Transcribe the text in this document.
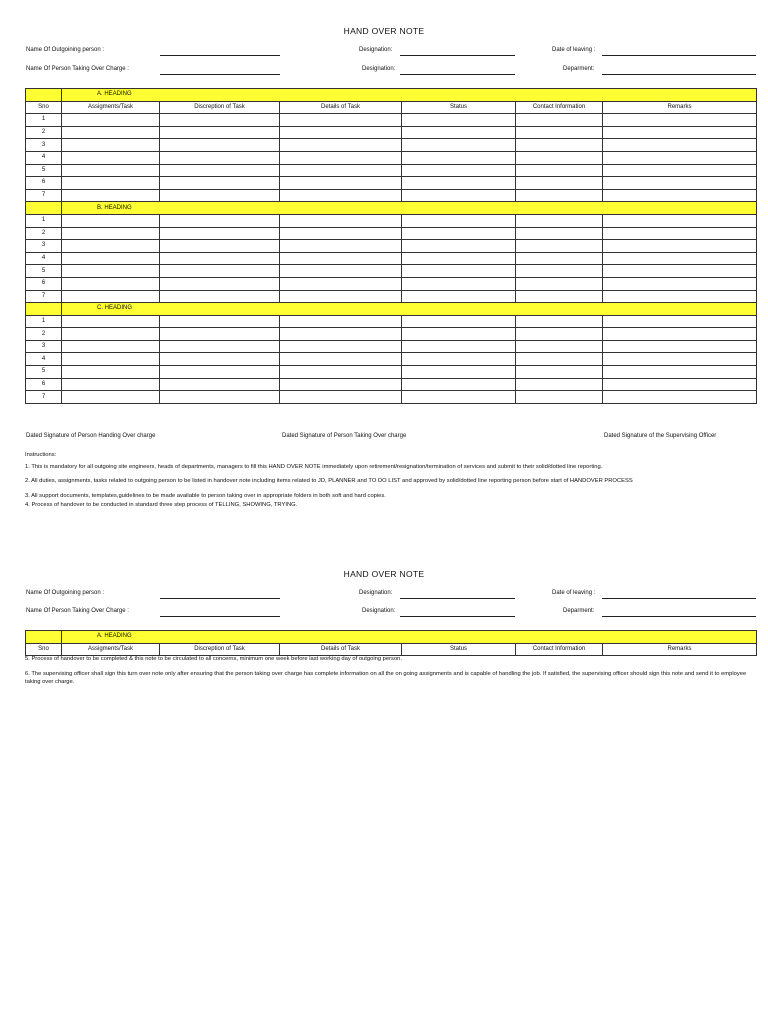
HAND OVER NOTE
Name Of Outgoining person :	Designation:	Date of leaving :
Name Of Person Taking Over Charge :	Designation:	Deparment:
	A. HEADING					
Sno	Assigments/Task	Discreption of Task	Details of Task	Status	Contact Information	Remarks
1						
2						
3						
4						
5						
6						
7						
	B. HEADING					
1						
2						
3						
4						
5						
6						
7						
	C. HEADING					
1						
2						
3						
4						
5						
6						
7						
Dated Signature of Person Handing Over charge	Dated Signature of Person Taking Over charge	Dated Signature of the Supervising Officer
Instructions:
1. This is mandatory for all outgoing site engineers, heads of departments, managers to fill this HAND OVER NOTE immediately upon retirement/resignation/termination of services and submit to their solid/dotted line reporting.
2. All duties, assignments, tasks related to outgoing person to be listed in handover note including items related to JD, PLANNER and TO DO LIST and approved by solid/dotted line reporting person before start of HANDOVER PROCESS
3. All support documents, templates,guidelines to be made available to person taking over in appropriate folders in both soft and hard copies.
4. Process of handover to be conducted in standard three step process of TELLING, SHOWING, TRYING.
HAND OVER NOTE
Name Of Outgoining person :	Designation:	Date of leaving :
Name Of Person Taking Over Charge :	Designation:	Deparment:
	A. HEADING					
Sno	Assigments/Task	Discreption of Task	Details of Task	Status	Contact Information	Remarks
5. Process of handover to be completed & this note to be circulated to all concerns, minimum one week before last working day of outgoing person.
6. The supervising officer shall sign this turn over note only after ensuring that the person taking over charge has complete information on all the on going assignments and is capable of handling the job. If satisfied, the supervising officer should sign this note and send it to employee taking over charge.
